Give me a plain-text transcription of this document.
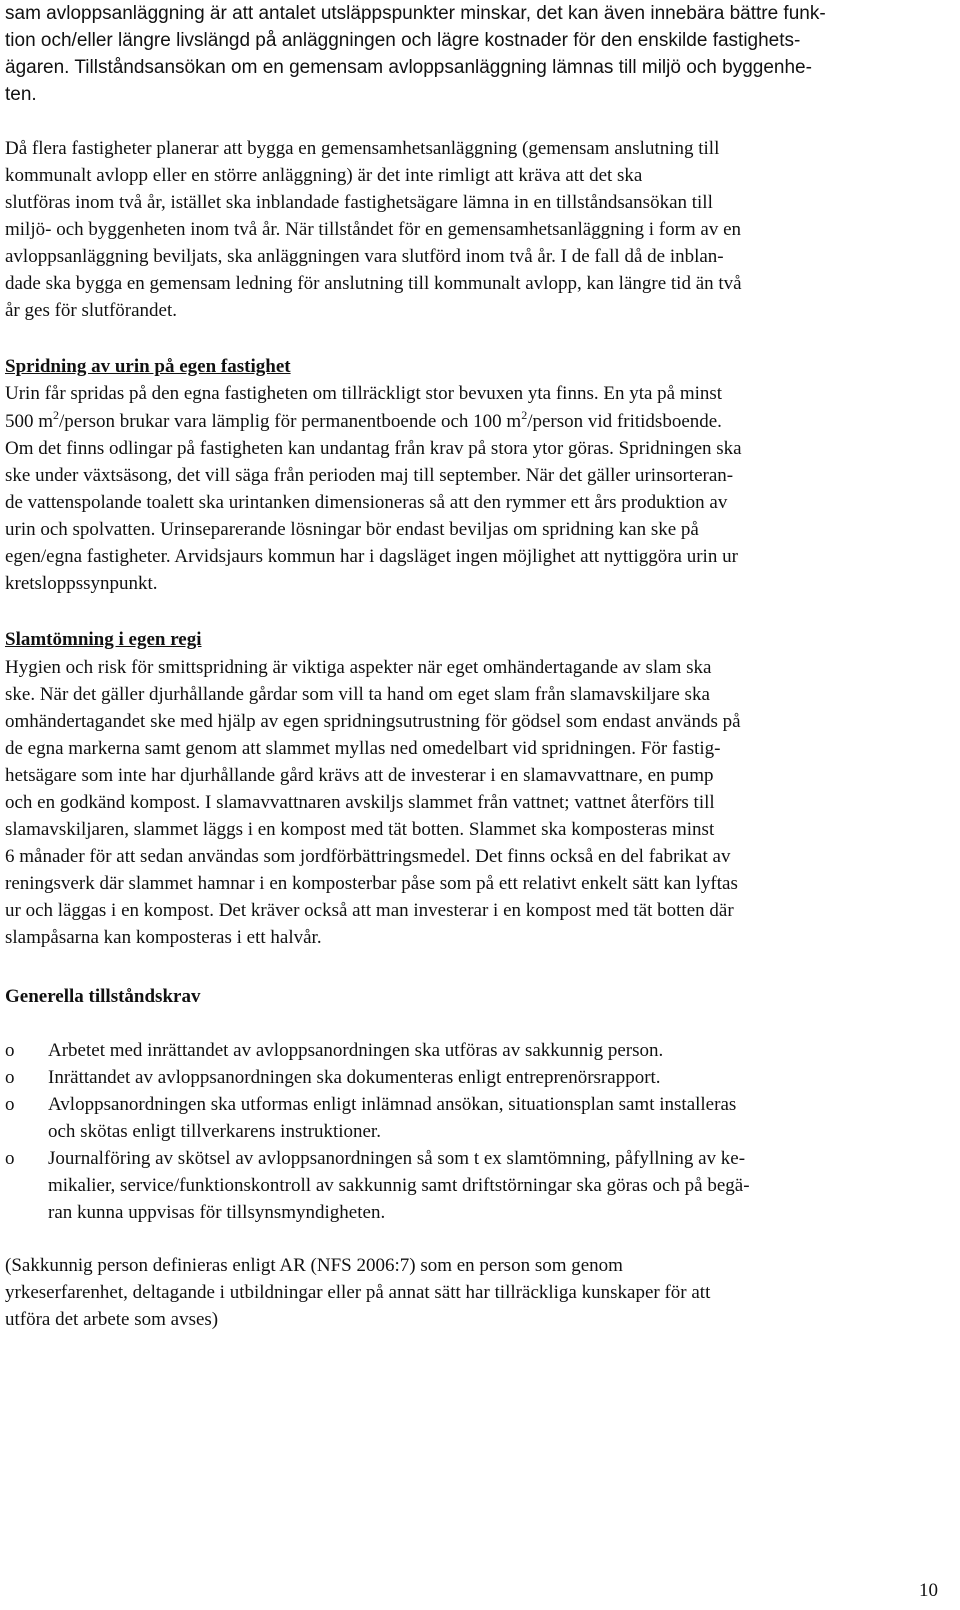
sam avloppsanläggning är att antalet utsläppspunkter minskar, det kan även innebära bättre funk-
tion och/eller längre livslängd på anläggningen och lägre kostnader för den enskilde fastighets-
ägaren. Tillståndsansökan om en gemensam avloppsanläggning lämnas till miljö och byggenhe-
ten.
Då flera fastigheter planerar att bygga en gemensamhetsanläggning (gemensam anslutning till
kommunalt avlopp eller en större anläggning) är det inte rimligt att kräva att det ska
slutföras inom två år, istället ska inblandade fastighetsägare lämna in en tillståndsansökan till
miljö- och byggenheten inom två år. När tillståndet för en gemensamhetsanläggning i form av en
avloppsanläggning beviljats, ska anläggningen vara slutförd inom två år. I de fall då de inblan-
dade ska bygga en gemensam ledning för anslutning till kommunalt avlopp, kan längre tid än två
år ges för slutförandet.
Spridning av urin på egen fastighet
Urin får spridas på den egna fastigheten om tillräckligt stor bevuxen yta finns. En yta på minst
500 $m^2$/person brukar vara lämplig för permanentboende och 100 $m^2$/person vid fritidsboende.
Om det finns odlingar på fastigheten kan undantag från krav på stora ytor göras. Spridningen ska
ske under växtsäsong, det vill säga från perioden maj till september. När det gäller urinsorteran-
de vattenspolande toalett ska urintanken dimensioneras så att den rymmer ett års produktion av
urin och spolvatten. Urinseparerande lösningar bör endast beviljas om spridning kan ske på
egen/egna fastigheter. Arvidsjaurs kommun har i dagsläget ingen möjlighet att nyttiggöra urin ur
kretsloppssynpunkt.
Slamtömning i egen regi
Hygien och risk för smittspridning är viktiga aspekter när eget omhändertagande av slam ska
ske. När det gäller djurhållande gårdar som vill ta hand om eget slam från slamavskiljare ska
omhändertagandet ske med hjälp av egen spridningsutrustning för gödsel som endast används på
de egna markerna samt genom att slammet myllas ned omedelbart vid spridningen. För fastig-
hetsägare som inte har djurhållande gård krävs att de investerar i en slamavvattnare, en pump
och en godkänd kompost. I slamavvattnaren avskiljs slammet från vattnet; vattnet återförs till
slamavskiljaren, slammet läggs i en kompost med tät botten. Slammet ska komposteras minst
6 månader för att sedan användas som jordförbättringsmedel. Det finns också en del fabrikat av
reningsverk där slammet hamnar i en komposterbar påse som på ett relativt enkelt sätt kan lyftas
ur och läggas i en kompost. Det kräver också att man investerar i en kompost med tät botten där
slampåsarna kan komposteras i ett halvår.
Generella tillståndskrav
o Arbetet med inrättandet av avloppsanordningen ska utföras av sakkunnig person.
o Inrättandet av avloppsanordningen ska dokumenteras enligt entreprenörsrapport.
o Avloppsanordningen ska utformas enligt inlämnad ansökan, situationsplan samt installeras
och skötas enligt tillverkarens instruktioner.
o Journalföring av skötsel av avloppsanordningen så som t ex slamtömning, påfyllning av ke-
mikalier, service/funktionskontroll av sakkunnig samt driftstörningar ska göras och på begä-
ran kunna uppvisas för tillsynsmyndigheten.
(Sakkunnig person definieras enligt AR (NFS 2006:7) som en person som genom
yrkeserfarenhet, deltagande i utbildningar eller på annat sätt har tillräckliga kunskaper för att
utföra det arbete som avses)
10
